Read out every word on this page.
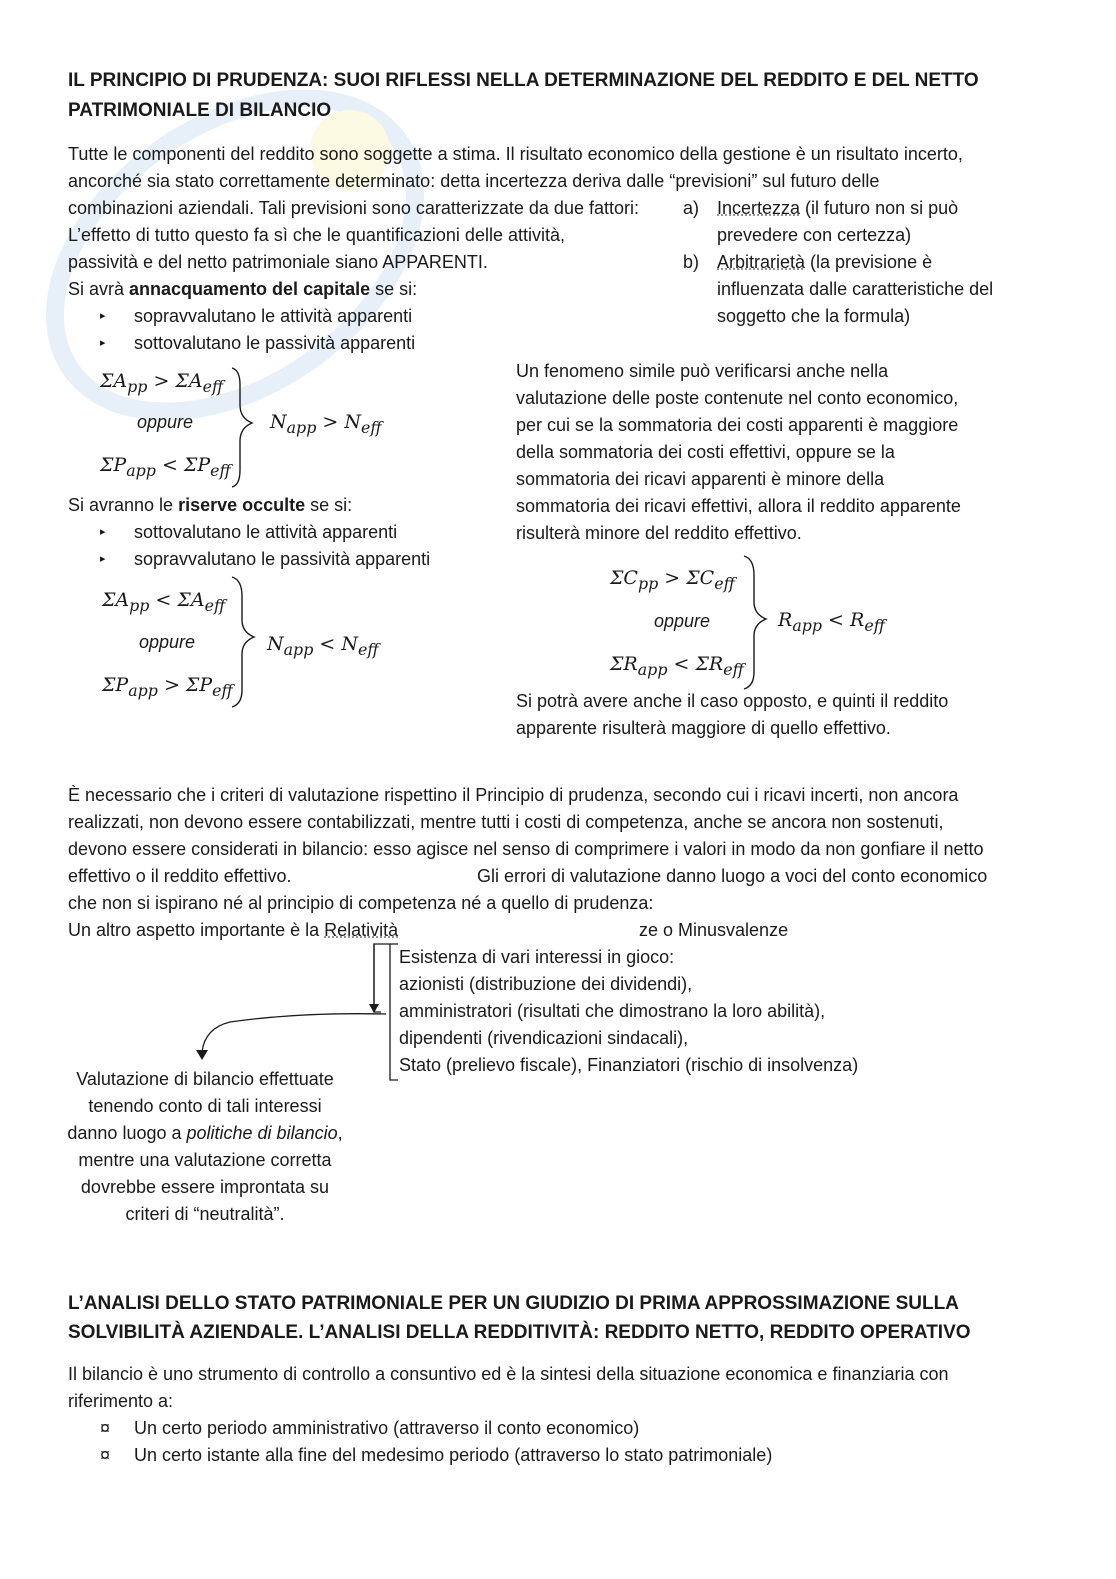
IL PRINCIPIO DI PRUDENZA: SUOI RIFLESSI NELLA DETERMINAZIONE DEL REDDITO E DEL NETTO
PATRIMONIALE DI BILANCIO
Tutte le componenti del reddito sono soggette a stima. Il risultato economico della gestione è un risultato incerto,
ancorché sia stato correttamente determinato: detta incertezza deriva dalle “previsioni” sul futuro delle
combinazioni aziendali. Tali previsioni sono caratterizzate da due fattori:
L’effetto di tutto questo fa sì che le quantificazioni delle attività,
passività e del netto patrimoniale siano APPARENTI.
a) Incertezza (il futuro non si può
prevedere con certezza)
b) Arbitrarietà (la previsione è
influenzata dalle caratteristiche del
soggetto che la formula)
Si avrà annacquamento del capitale se si:
▸ sopravvalutano le attività apparenti
▸ sottovalutano le passività apparenti
$\Sigma A_{pp} > \Sigma A_{eff}$
oppure
$\Sigma P_{app} < \Sigma P_{eff}$
$N_{app} > N_{eff}$
Si avranno le riserve occulte se si:
▸ sottovalutano le attività apparenti
▸ sopravvalutano le passività apparenti
$\Sigma A_{pp} < \Sigma A_{eff}$
oppure
$\Sigma P_{app} > \Sigma P_{eff}$
$N_{app} < N_{eff}$
Un fenomeno simile può verificarsi anche nella
valutazione delle poste contenute nel conto economico,
per cui se la sommatoria dei costi apparenti è maggiore
della sommatoria dei costi effettivi, oppure se la
sommatoria dei ricavi apparenti è minore della
sommatoria dei ricavi effettivi, allora il reddito apparente
risulterà minore del reddito effettivo.
$\Sigma C_{pp} > \Sigma C_{eff}$
oppure
$\Sigma R_{app} < \Sigma R_{eff}$
$R_{app} < R_{eff}$
Si potrà avere anche il caso opposto, e quinti il reddito
apparente risulterà maggiore di quello effettivo.
È necessario che i criteri di valutazione rispettino il Principio di prudenza, secondo cui i ricavi incerti, non ancora
realizzati, non devono essere contabilizzati, mentre tutti i costi di competenza, anche se ancora non sostenuti,
devono essere considerati in bilancio: esso agisce nel senso di comprimere i valori in modo da non gonfiare il netto
effettivo o il reddito effettivo.	Gli errori di valutazione danno luogo a voci del conto economico
che non si ispirano né al principio di competenza né a quello di prudenza:
Un altro aspetto importante è la Relatività	ze o Minusvalenze
Esistenza di vari interessi in gioco:
azionisti (distribuzione dei dividendi),
amministratori (risultati che dimostrano la loro abilità),
dipendenti (rivendicazioni sindacali),
Stato (prelievo fiscale), Finanziatori (rischio di insolvenza)
Valutazione di bilancio effettuate
tenendo conto di tali interessi
danno luogo a politiche di bilancio,
mentre una valutazione corretta
dovrebbe essere improntata su
criteri di “neutralità”.
L’ANALISI DELLO STATO PATRIMONIALE PER UN GIUDIZIO DI PRIMA APPROSSIMAZIONE SULLA
SOLVIBILITÀ AZIENDALE. L’ANALISI DELLA REDDITIVITÀ: REDDITO NETTO, REDDITO OPERATIVO
Il bilancio è uno strumento di controllo a consuntivo ed è la sintesi della situazione economica e finanziaria con
riferimento a:
¤ Un certo periodo amministrativo (attraverso il conto economico)
¤ Un certo istante alla fine del medesimo periodo (attraverso lo stato patrimoniale)
